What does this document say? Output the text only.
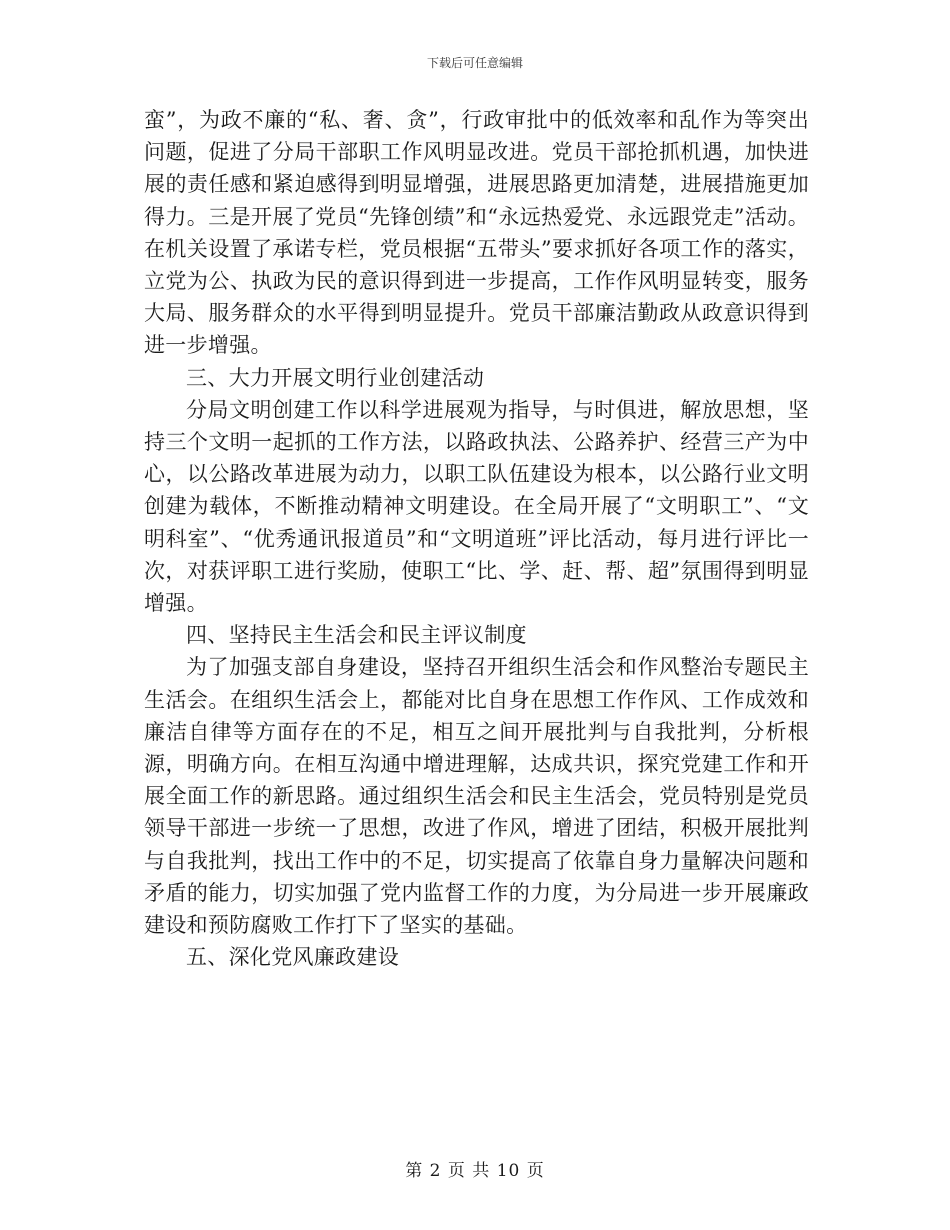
下载后可任意编辑

蛮”，为政不廉的“私、奢、贪”，行政审批中的低效率和乱作为等突出问题，促进了分局干部职工作风明显改进。党员干部抢抓机遇，加快进展的责任感和紧迫感得到明显增强，进展思路更加清楚，进展措施更加得力。三是开展了党员“先锋创绩”和“永远热爱党、永远跟党走”活动。在机关设置了承诺专栏，党员根据“五带头”要求抓好各项工作的落实，立党为公、执政为民的意识得到进一步提高，工作作风明显转变，服务大局、服务群众的水平得到明显提升。党员干部廉洁勤政从政意识得到进一步增强。

三、大力开展文明行业创建活动

分局文明创建工作以科学进展观为指导，与时俱进，解放思想，坚持三个文明一起抓的工作方法，以路政执法、公路养护、经营三产为中心，以公路改革进展为动力，以职工队伍建设为根本，以公路行业文明创建为载体，不断推动精神文明建设。在全局开展了“文明职工”、“文明科室”、“优秀通讯报道员”和“文明道班”评比活动，每月进行评比一次，对获评职工进行奖励，使职工“比、学、赶、帮、超”氛围得到明显增强。

四、坚持民主生活会和民主评议制度

为了加强支部自身建设，坚持召开组织生活会和作风整治专题民主生活会。在组织生活会上，都能对比自身在思想工作作风、工作成效和廉洁自律等方面存在的不足，相互之间开展批判与自我批判，分析根源，明确方向。在相互沟通中增进理解，达成共识，探究党建工作和开展全面工作的新思路。通过组织生活会和民主生活会，党员特别是党员领导干部进一步统一了思想，改进了作风，增进了团结，积极开展批判与自我批判，找出工作中的不足，切实提高了依靠自身力量解决问题和矛盾的能力，切实加强了党内监督工作的力度，为分局进一步开展廉政建设和预防腐败工作打下了坚实的基础。

五、深化党风廉政建设

第 2 页 共 10 页
